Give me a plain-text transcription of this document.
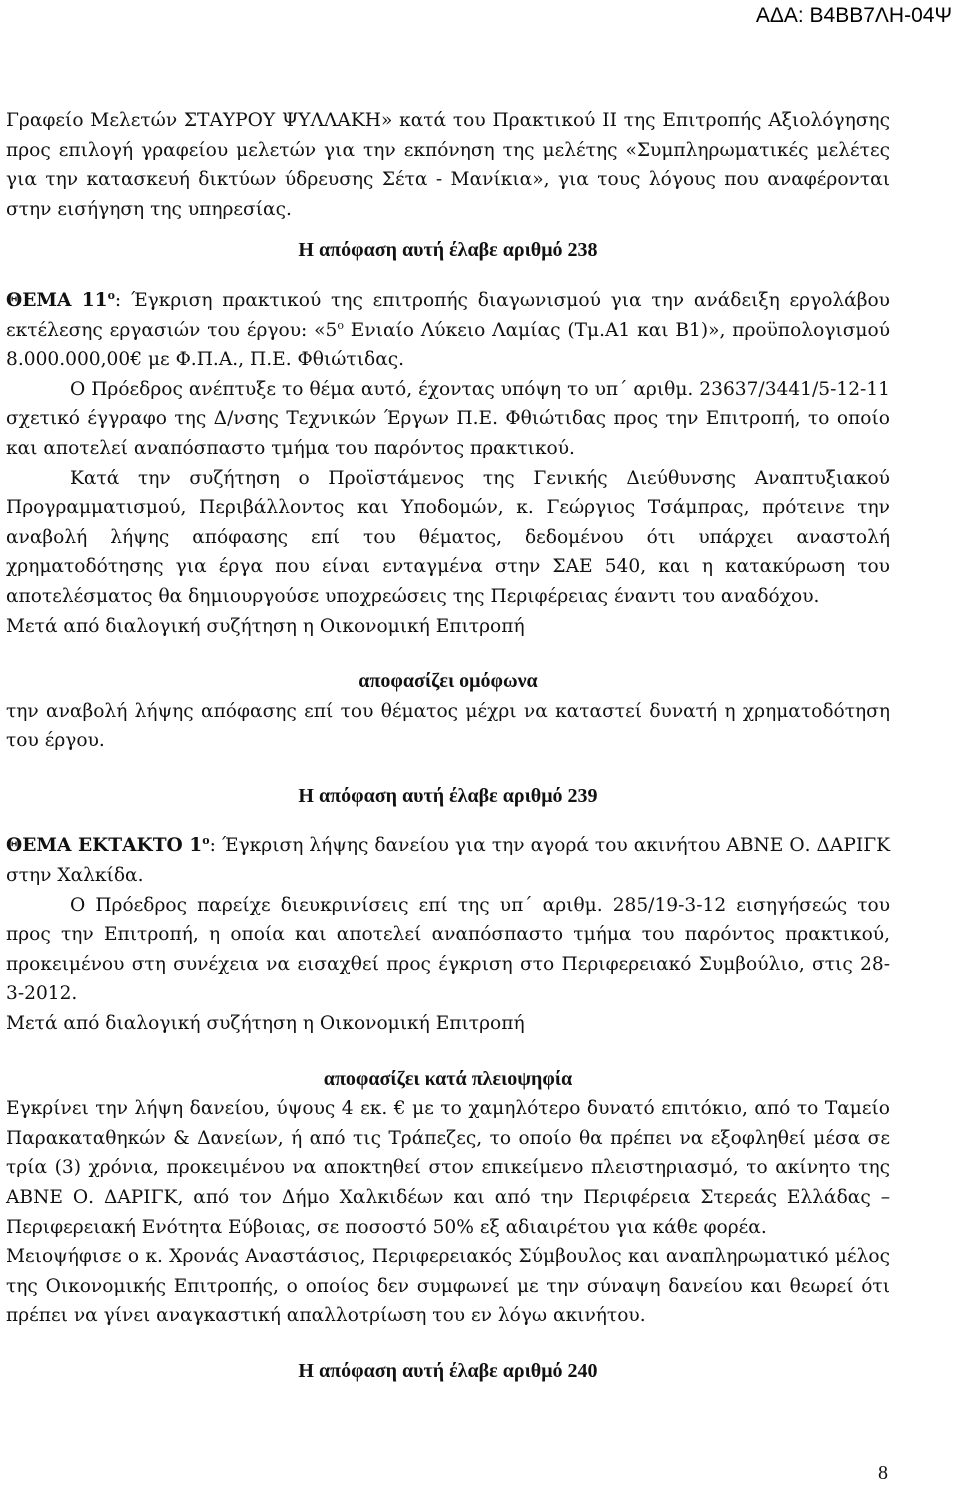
ΑΔΑ: Β4ΒΒ7ΛΗ-04Ψ

Γραφείο Μελετών ΣΤΑΥΡΟΥ ΨΥΛΛΑΚΗ» κατά του Πρακτικού ΙΙ της Επιτροπής Αξιολόγησης προς επιλογή γραφείου μελετών για την εκπόνηση της μελέτης «Συμπληρωματικές μελέτες για την κατασκευή δικτύων ύδρευσης Σέτα - Μανίκια», για τους λόγους που αναφέρονται στην εισήγηση της υπηρεσίας.

Η απόφαση αυτή έλαβε αριθμό 238

ΘΕΜΑ $11^o$: Έγκριση πρακτικού της επιτροπής διαγωνισμού για την ανάδειξη εργολάβου εκτέλεσης εργασιών του έργου: «$5^o$ Ενιαίο Λύκειο Λαμίας (Τμ.Α1 και Β1)», προϋπολογισμού 8.000.000,00€ με Φ.Π.Α., Π.Ε. Φθιώτιδας.

Ο Πρόεδρος ανέπτυξε το θέμα αυτό, έχοντας υπόψη το υπ΄ αριθμ. 23637/3441/5-12-11 σχετικό έγγραφο της Δ/νσης Τεχνικών Έργων Π.Ε. Φθιώτιδας προς την Επιτροπή, το οποίο και αποτελεί αναπόσπαστο τμήμα του παρόντος πρακτικού.

Κατά την συζήτηση ο Προϊστάμενος της Γενικής Διεύθυνσης Αναπτυξιακού Προγραμματισμού, Περιβάλλοντος και Υποδομών, κ. Γεώργιος Τσάμπρας, πρότεινε την αναβολή λήψης απόφασης επί του θέματος, δεδομένου ότι υπάρχει αναστολή χρηματοδότησης για έργα που είναι ενταγμένα στην ΣΑΕ 540, και η κατακύρωση του αποτελέσματος θα δημιουργούσε υποχρεώσεις της Περιφέρειας έναντι του αναδόχου.

Μετά από διαλογική συζήτηση η Οικονομική Επιτροπή

αποφασίζει ομόφωνα

την αναβολή λήψης απόφασης επί του θέματος μέχρι να καταστεί δυνατή η χρηματοδότηση του έργου.

Η απόφαση αυτή έλαβε αριθμό 239

ΘΕΜΑ ΕΚΤΑΚΤΟ $1^o$: Έγκριση λήψης δανείου για την αγορά του ακινήτου ΑΒΝΕ Ο. ΔΑΡΙΓΚ στην Χαλκίδα.

Ο Πρόεδρος παρείχε διευκρινίσεις επί της υπ΄ αριθμ. 285/19-3-12 εισηγήσεώς του προς την Επιτροπή, η οποία και αποτελεί αναπόσπαστο τμήμα του παρόντος πρακτικού, προκειμένου στη συνέχεια να εισαχθεί προς έγκριση στο Περιφερειακό Συμβούλιο, στις 28-3-2012.

Μετά από διαλογική συζήτηση η Οικονομική Επιτροπή

αποφασίζει κατά πλειοψηφία

Εγκρίνει την λήψη δανείου, ύψους 4 εκ. € με το χαμηλότερο δυνατό επιτόκιο, από το Ταμείο Παρακαταθηκών & Δανείων, ή από τις Τράπεζες, το οποίο θα πρέπει να εξοφληθεί μέσα σε τρία (3) χρόνια, προκειμένου να αποκτηθεί στον επικείμενο πλειστηριασμό, το ακίνητο της ΑΒΝΕ Ο. ΔΑΡΙΓΚ, από τον Δήμο Χαλκιδέων και από την Περιφέρεια Στερεάς Ελλάδας – Περιφερειακή Ενότητα Εύβοιας, σε ποσοστό 50% εξ αδιαιρέτου για κάθε φορέα.

Μειοψήφισε ο κ. Χρονάς Αναστάσιος, Περιφερειακός Σύμβουλος και αναπληρωματικό μέλος της Οικονομικής Επιτροπής, ο οποίος δεν συμφωνεί με την σύναψη δανείου και θεωρεί ότι πρέπει να γίνει αναγκαστική απαλλοτρίωση του εν λόγω ακινήτου.

Η απόφαση αυτή έλαβε αριθμό 240

8
